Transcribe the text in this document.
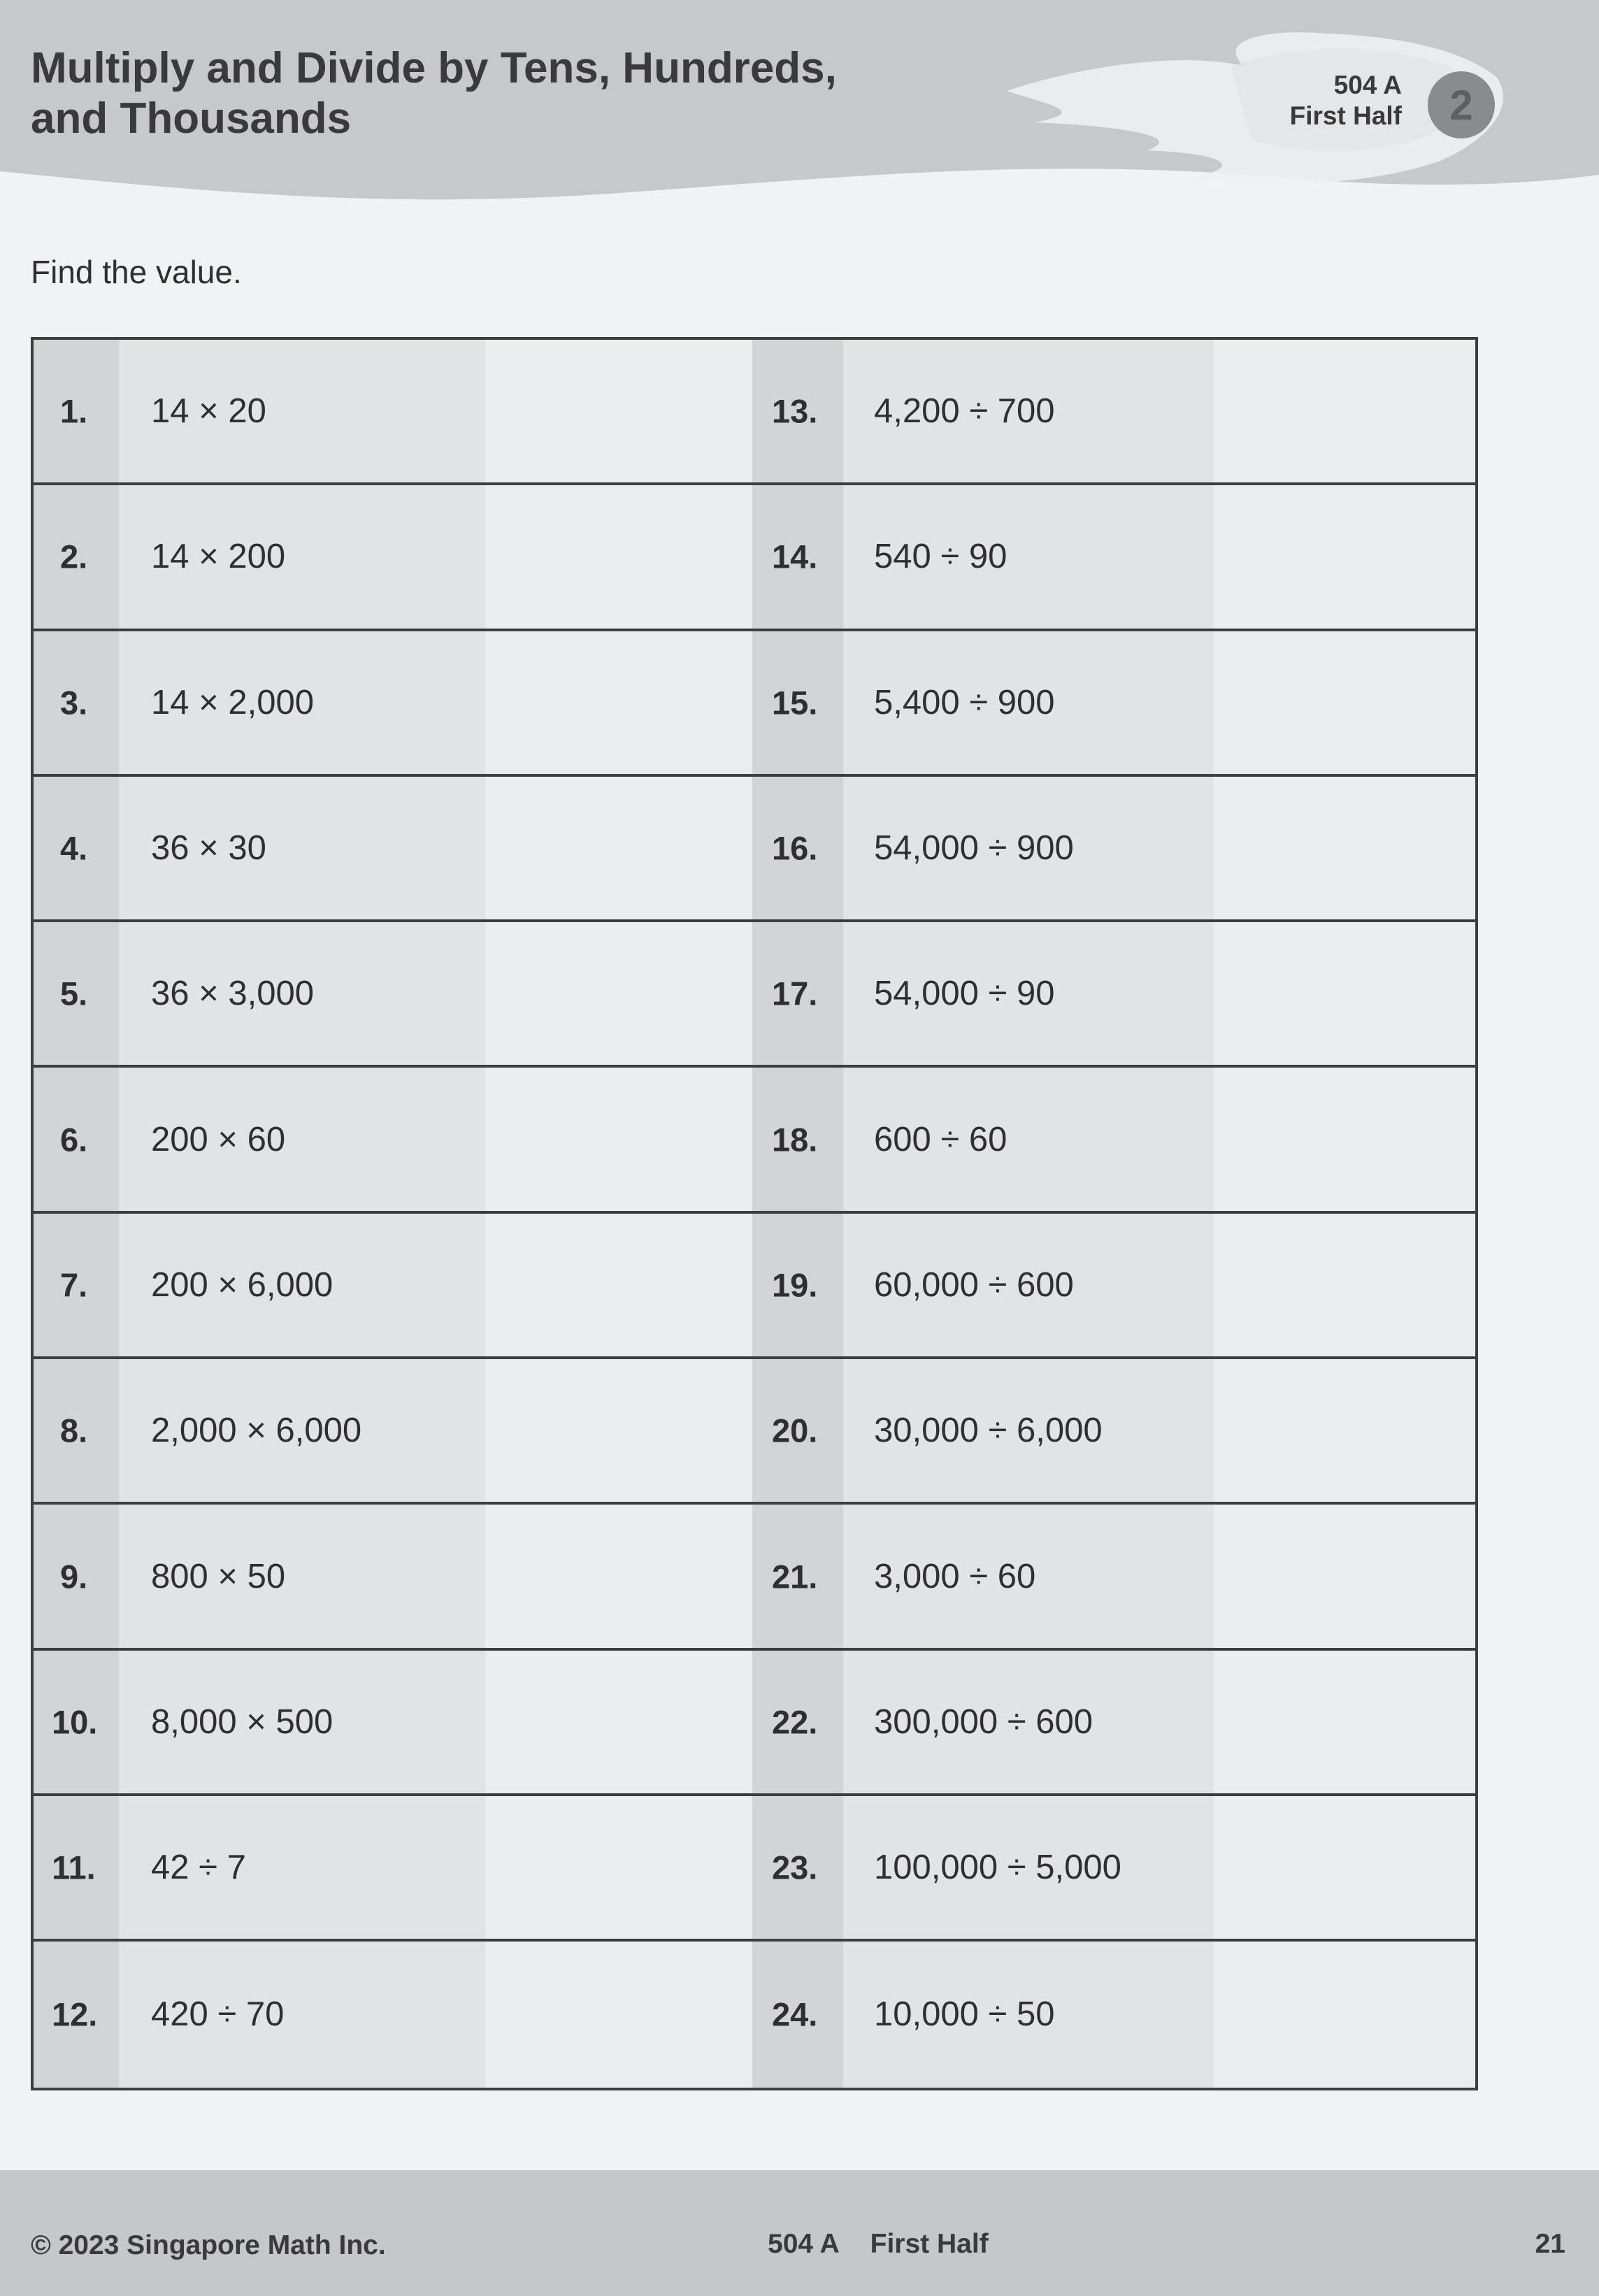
Multiply and Divide by Tens, Hundreds,
and Thousands
504 A
First Half	2
Find the value.
1. 14 × 20	13. 4,200 ÷ 700
2. 14 × 200	14. 540 ÷ 90
3. 14 × 2,000	15. 5,400 ÷ 900
4. 36 × 30	16. 54,000 ÷ 900
5. 36 × 3,000	17. 54,000 ÷ 90
6. 200 × 60	18. 600 ÷ 60
7. 200 × 6,000	19. 60,000 ÷ 600
8. 2,000 × 6,000	20. 30,000 ÷ 6,000
9. 800 × 50	21. 3,000 ÷ 60
10. 8,000 × 500	22. 300,000 ÷ 600
11. 42 ÷ 7	23. 100,000 ÷ 5,000
12. 420 ÷ 70	24. 10,000 ÷ 50
© 2023 Singapore Math Inc.	504 A First Half	21
